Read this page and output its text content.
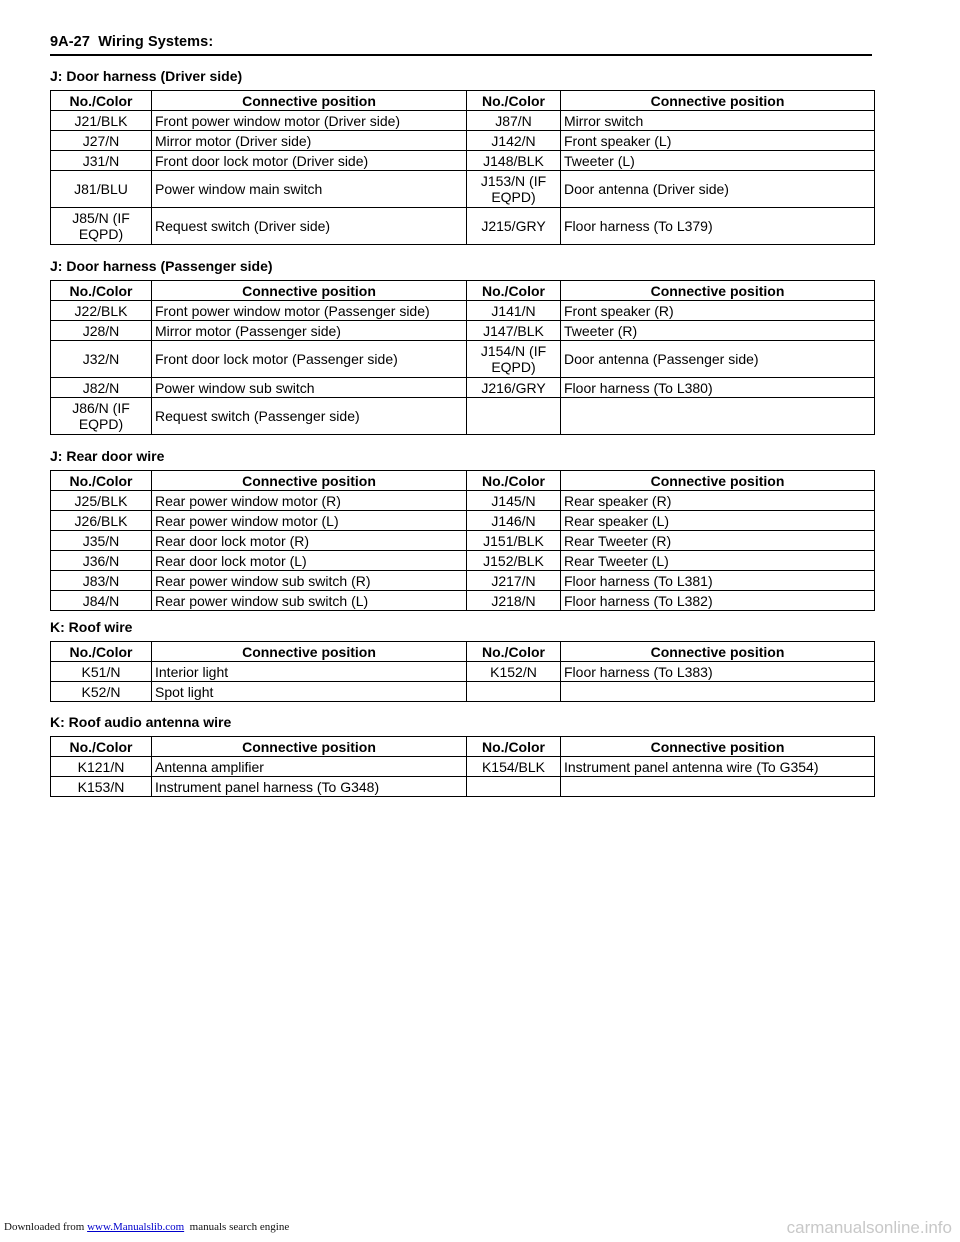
9A-27 Wiring Systems:
J: Door harness (Driver side)
No./Color	Connective position	No./Color	Connective position
J21/BLK	Front power window motor (Driver side)	J87/N	Mirror switch
J27/N	Mirror motor (Driver side)	J142/N	Front speaker (L)
J31/N	Front door lock motor (Driver side)	J148/BLK	Tweeter (L)
J81/BLU	Power window main switch	J153/N (IF EQPD)	Door antenna (Driver side)
J85/N (IF EQPD)	Request switch (Driver side)	J215/GRY	Floor harness (To L379)
J: Door harness (Passenger side)
No./Color	Connective position	No./Color	Connective position
J22/BLK	Front power window motor (Passenger side)	J141/N	Front speaker (R)
J28/N	Mirror motor (Passenger side)	J147/BLK	Tweeter (R)
J32/N	Front door lock motor (Passenger side)	J154/N (IF EQPD)	Door antenna (Passenger side)
J82/N	Power window sub switch	J216/GRY	Floor harness (To L380)
J86/N (IF EQPD)	Request switch (Passenger side)		
J: Rear door wire
No./Color	Connective position	No./Color	Connective position
J25/BLK	Rear power window motor (R)	J145/N	Rear speaker (R)
J26/BLK	Rear power window motor (L)	J146/N	Rear speaker (L)
J35/N	Rear door lock motor (R)	J151/BLK	Rear Tweeter (R)
J36/N	Rear door lock motor (L)	J152/BLK	Rear Tweeter (L)
J83/N	Rear power window sub switch (R)	J217/N	Floor harness (To L381)
J84/N	Rear power window sub switch (L)	J218/N	Floor harness (To L382)
K: Roof wire
No./Color	Connective position	No./Color	Connective position
K51/N	Interior light	K152/N	Floor harness (To L383)
K52/N	Spot light		
K: Roof audio antenna wire
No./Color	Connective position	No./Color	Connective position
K121/N	Antenna amplifier	K154/BLK	Instrument panel antenna wire (To G354)
K153/N	Instrument panel harness (To G348)		
Downloaded from www.Manualslib.com manuals search engine	carmanualsonline.info
